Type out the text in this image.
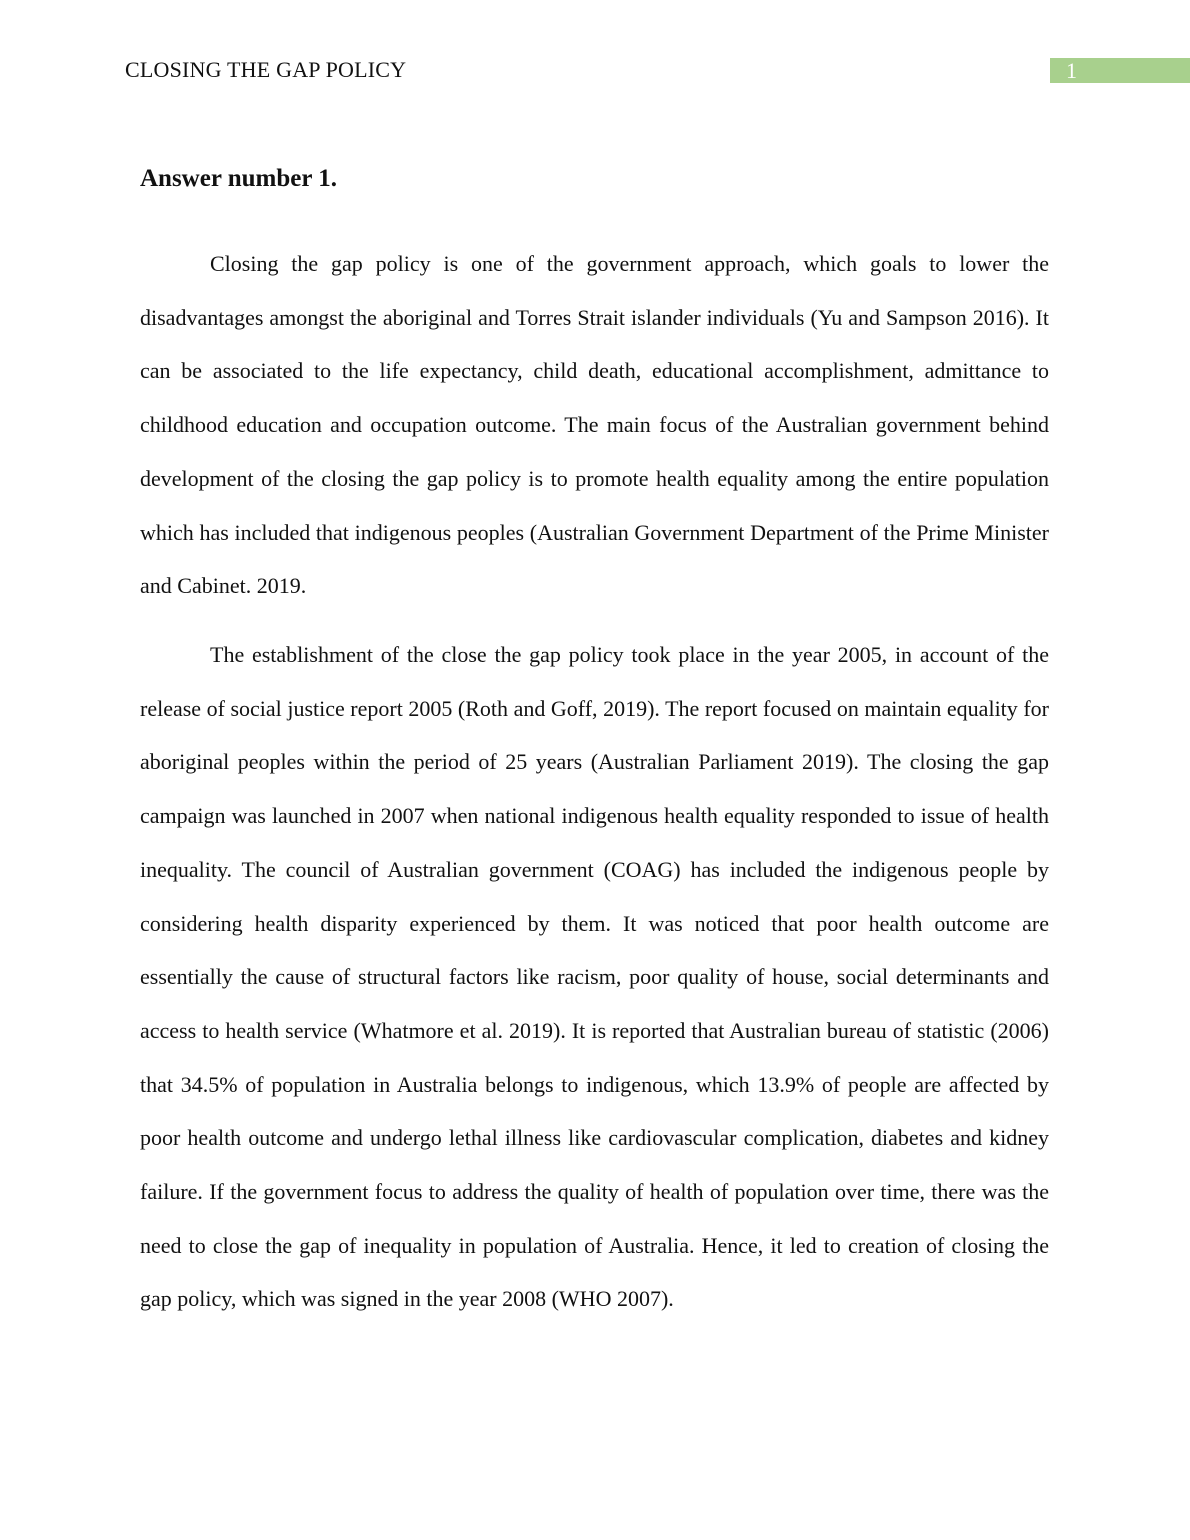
CLOSING THE GAP POLICY	1
Answer number 1.

Closing the gap policy is one of the government approach, which goals to lower the disadvantages amongst the aboriginal and Torres Strait islander individuals (Yu and Sampson 2016). It can be associated to the life expectancy, child death, educational accomplishment, admittance to childhood education and occupation outcome. The main focus of the Australian government behind development of the closing the gap policy is to promote health equality among the entire population which has included that indigenous peoples (Australian Government Department of the Prime Minister and Cabinet. 2019.

The establishment of the close the gap policy took place in the year 2005, in account of the release of social justice report 2005 (Roth and Goff, 2019). The report focused on maintain equality for aboriginal peoples within the period of 25 years (Australian Parliament 2019). The closing the gap campaign was launched in 2007 when national indigenous health equality responded to issue of health inequality. The council of Australian government (COAG) has included the indigenous people by considering health disparity experienced by them. It was noticed that poor health outcome are essentially the cause of structural factors like racism, poor quality of house, social determinants and access to health service (Whatmore et al. 2019). It is reported that Australian bureau of statistic (2006) that 34.5% of population in Australia belongs to indigenous, which 13.9% of people are affected by poor health outcome and undergo lethal illness like cardiovascular complication, diabetes and kidney failure. If the government focus to address the quality of health of population over time, there was the need to close the gap of inequality in population of Australia. Hence, it led to creation of closing the gap policy, which was signed in the year 2008 (WHO 2007).
